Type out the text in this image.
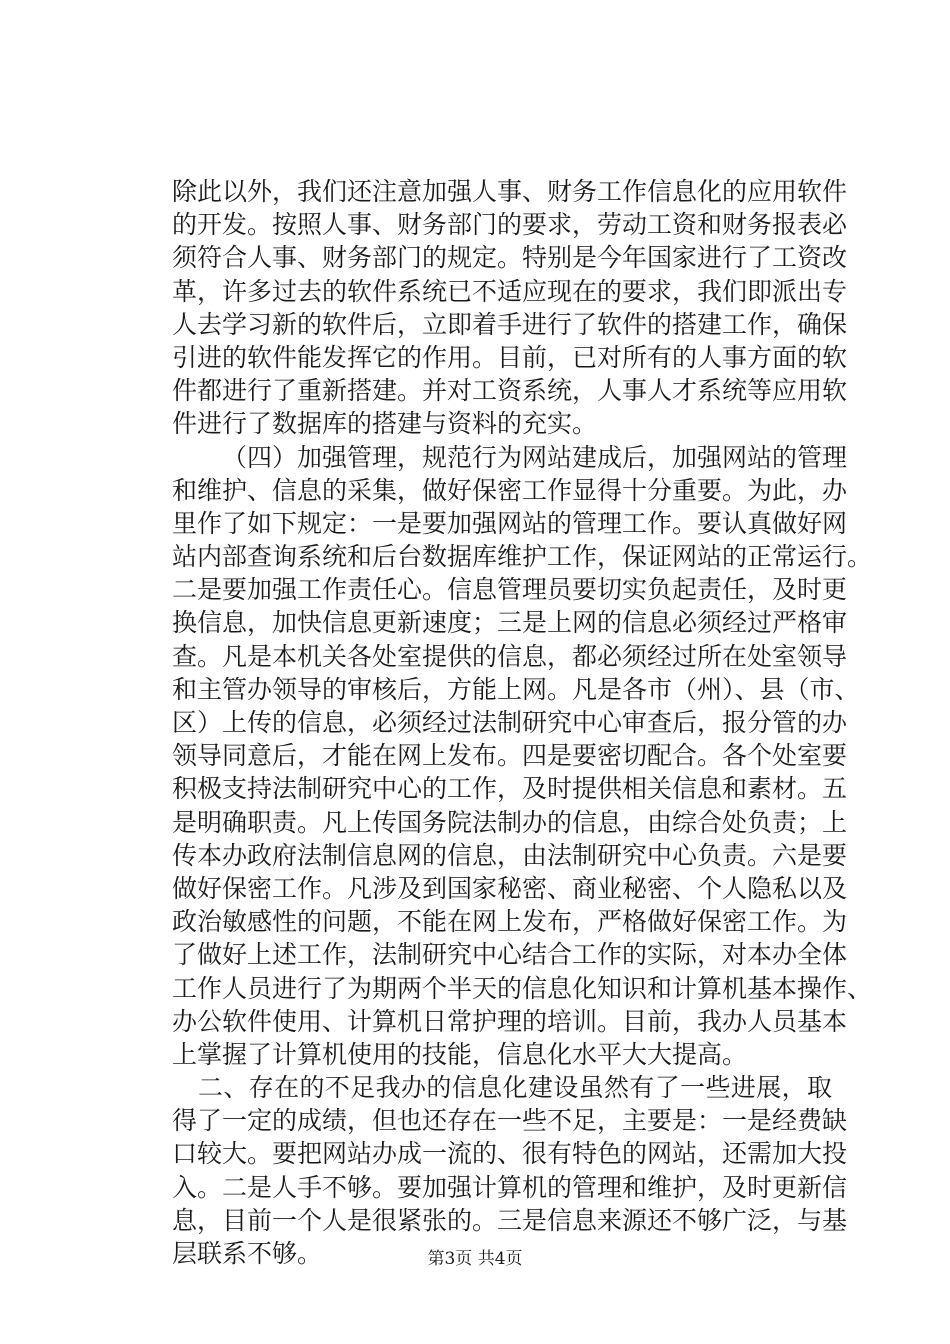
除此以外，我们还注意加强人事、财务工作信息化的应用软件
的开发。按照人事、财务部门的要求，劳动工资和财务报表必
须符合人事、财务部门的规定。特别是今年国家进行了工资改
革，许多过去的软件系统已不适应现在的要求，我们即派出专
人去学习新的软件后，立即着手进行了软件的搭建工作，确保
引进的软件能发挥它的作用。目前，已对所有的人事方面的软
件都进行了重新搭建。并对工资系统，人事人才系统等应用软
件进行了数据库的搭建与资料的充实。
（四）加强管理，规范行为网站建成后，加强网站的管理
和维护、信息的采集，做好保密工作显得十分重要。为此，办
里作了如下规定：一是要加强网站的管理工作。要认真做好网
站内部查询系统和后台数据库维护工作，保证网站的正常运行。
二是要加强工作责任心。信息管理员要切实负起责任，及时更
换信息，加快信息更新速度；三是上网的信息必须经过严格审
查。凡是本机关各处室提供的信息，都必须经过所在处室领导
和主管办领导的审核后，方能上网。凡是各市（州）、县（市、
区）上传的信息，必须经过法制研究中心审查后，报分管的办
领导同意后，才能在网上发布。四是要密切配合。各个处室要
积极支持法制研究中心的工作，及时提供相关信息和素材。五
是明确职责。凡上传国务院法制办的信息，由综合处负责；上
传本办政府法制信息网的信息，由法制研究中心负责。六是要
做好保密工作。凡涉及到国家秘密、商业秘密、个人隐私以及
政治敏感性的问题，不能在网上发布，严格做好保密工作。为
了做好上述工作，法制研究中心结合工作的实际，对本办全体
工作人员进行了为期两个半天的信息化知识和计算机基本操作、
办公软件使用、计算机日常护理的培训。目前，我办人员基本
上掌握了计算机使用的技能，信息化水平大大提高。
二、存在的不足我办的信息化建设虽然有了一些进展，取
得了一定的成绩，但也还存在一些不足，主要是：一是经费缺
口较大。要把网站办成一流的、很有特色的网站，还需加大投
入。二是人手不够。要加强计算机的管理和维护，及时更新信
息，目前一个人是很紧张的。三是信息来源还不够广泛，与基
层联系不够。	第3页 共4页
